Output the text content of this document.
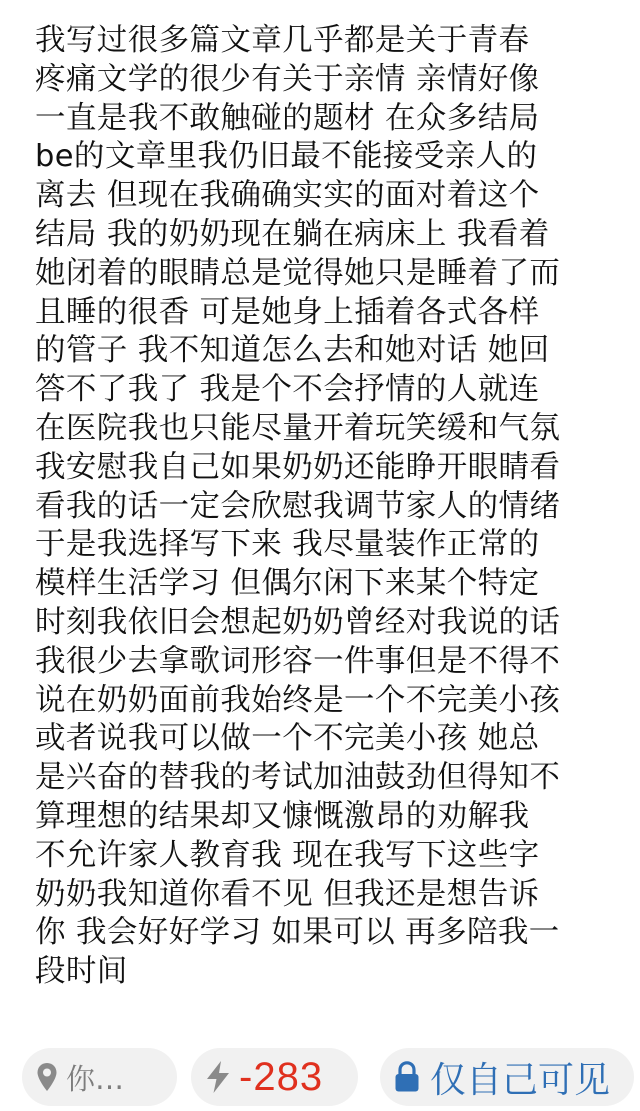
我写过很多篇文章几乎都是关于青春
疼痛文学的很少有关于亲情 亲情好像
一直是我不敢触碰的题材 在众多结局
be的文章里我仍旧最不能接受亲人的
离去 但现在我确确实实的面对着这个
结局 我的奶奶现在躺在病床上 我看着
她闭着的眼睛总是觉得她只是睡着了而
且睡的很香 可是她身上插着各式各样
的管子 我不知道怎么去和她对话 她回
答不了我了 我是个不会抒情的人就连
在医院我也只能尽量开着玩笑缓和气氛
我安慰我自己如果奶奶还能睁开眼睛看
看我的话一定会欣慰我调节家人的情绪
于是我选择写下来 我尽量装作正常的
模样生活学习 但偶尔闲下来某个特定
时刻我依旧会想起奶奶曾经对我说的话
我很少去拿歌词形容一件事但是不得不
说在奶奶面前我始终是一个不完美小孩
或者说我可以做一个不完美小孩 她总
是兴奋的替我的考试加油鼓劲但得知不
算理想的结果却又慷慨激昂的劝解我
不允许家人教育我 现在我写下这些字
奶奶我知道你看不见 但我还是想告诉
你 我会好好学习 如果可以 再多陪我一
段时间
你…	-283	仅自己可见
